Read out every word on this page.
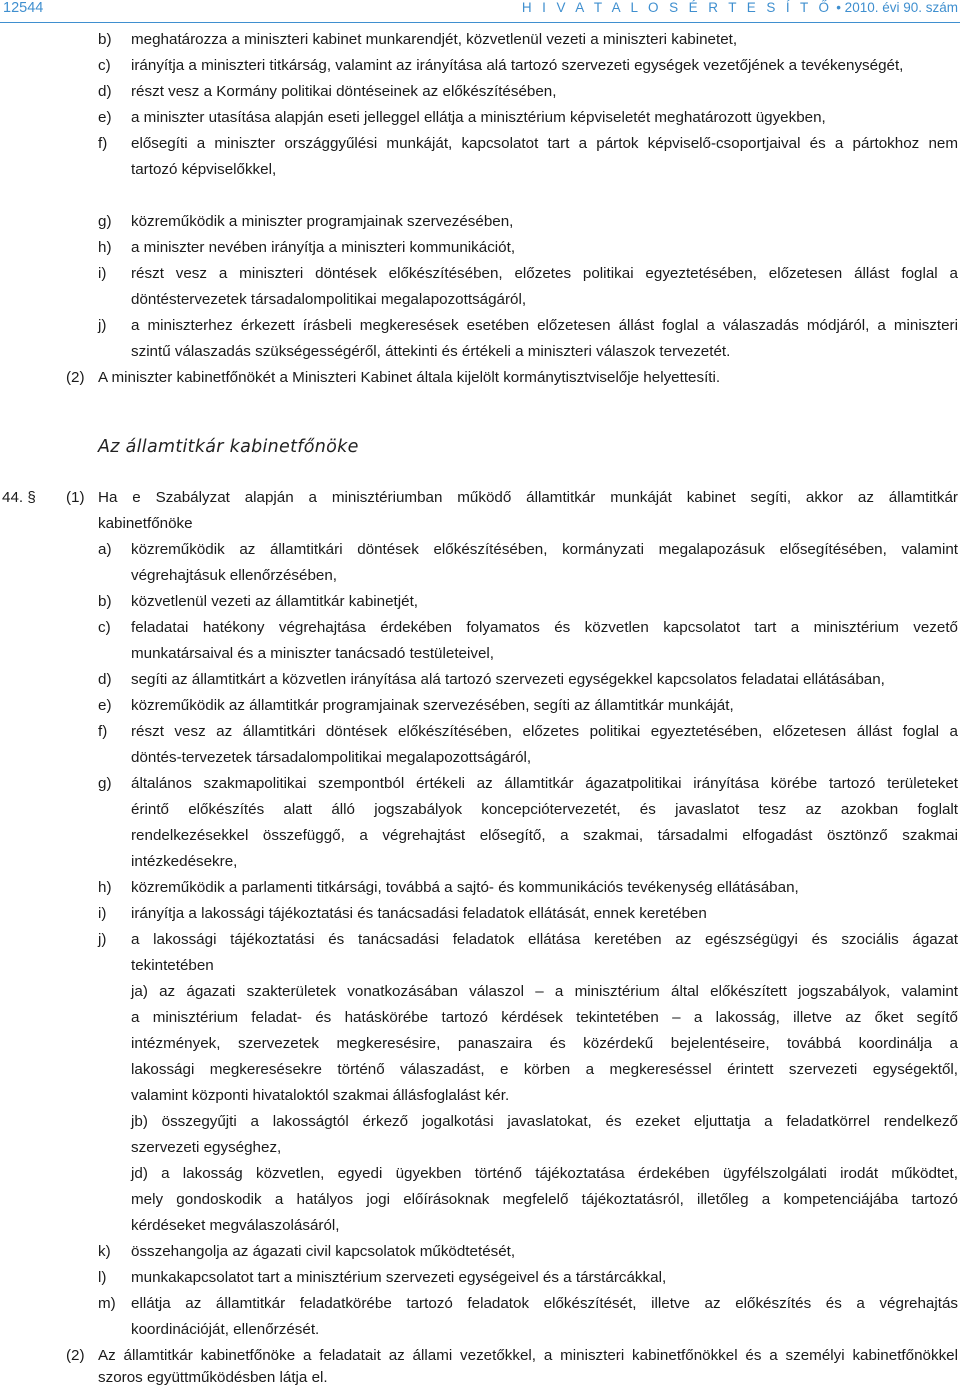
12544	H I V A T A L O S É R T E S Í T Ő • 2010. évi 90. szám
b) meghatározza a miniszteri kabinet munkarendjét, közvetlenül vezeti a miniszteri kabinetet,
c) irányítja a miniszteri titkárság, valamint az irányítása alá tartozó szervezeti egységek vezetőjének a tevékenységét,
d) részt vesz a Kormány politikai döntéseinek az előkészítésében,
e) a miniszter utasítása alapján eseti jelleggel ellátja a minisztérium képviseletét meghatározott ügyekben,
f) elősegíti a miniszter országgyűlési munkáját, kapcsolatot tart a pártok képviselő-csoportjaival és a pártokhoz nem
tartozó képviselőkkel,
g) közreműködik a miniszter programjainak szervezésében,
h) a miniszter nevében irányítja a miniszteri kommunikációt,
i) részt vesz a miniszteri döntések előkészítésében, előzetes politikai egyeztetésében, előzetesen állást foglal a
döntéstervezetek társadalompolitikai megalapozottságáról,
j) a miniszterhez érkezett írásbeli megkeresések esetében előzetesen állást foglal a válaszadás módjáról, a miniszteri
szintű válaszadás szükségességéről, áttekinti és értékeli a miniszteri válaszok tervezetét.
(2) A miniszter kabinetfőnökét a Miniszteri Kabinet általa kijelölt kormánytisztviselője helyettesíti.
44. § (1) Ha e Szabályzat alapján a minisztériumban működő államtitkár munkáját kabinet segíti, akkor az államtitkár
kabinetfőnöke
a) közreműködik az államtitkári döntések előkészítésében, kormányzati megalapozásuk elősegítésében, valamint
végrehajtásuk ellenőrzésében,
b) közvetlenül vezeti az államtitkár kabinetjét,
c) feladatai hatékony végrehajtása érdekében folyamatos és közvetlen kapcsolatot tart a minisztérium vezető
munkatársaival és a miniszter tanácsadó testületeivel,
d) segíti az államtitkárt a közvetlen irányítása alá tartozó szervezeti egységekkel kapcsolatos feladatai ellátásában,
e) közreműködik az államtitkár programjainak szervezésében, segíti az államtitkár munkáját,
f) részt vesz az államtitkári döntések előkészítésében, előzetes politikai egyeztetésében, előzetesen állást foglal a
döntés-tervezetek társadalompolitikai megalapozottságáról,
g) általános szakmapolitikai szempontból értékeli az államtitkár ágazatpolitikai irányítása körébe tartozó területeket
érintő előkészítés alatt álló jogszabályok koncepciótervezetét, és javaslatot tesz az azokban foglalt
rendelkezésekkel összefüggő, a végrehajtást elősegítő, a szakmai, társadalmi elfogadást ösztönző szakmai
intézkedésekre,
h) közreműködik a parlamenti titkársági, továbbá a sajtó- és kommunikációs tevékenység ellátásában,
i) irányítja a lakossági tájékoztatási és tanácsadási feladatok ellátását, ennek keretében
j) a lakossági tájékoztatási és tanácsadási feladatok ellátása keretében az egészségügyi és szociális ágazat
tekintetében
ja) az ágazati szakterületek vonatkozásában válaszol – a minisztérium által előkészített jogszabályok, valamint
a minisztérium feladat- és hatáskörébe tartozó kérdések tekintetében – a lakosság, illetve az őket segítő
intézmények, szervezetek megkeresésire, panaszaira és közérdekű bejelentéseire, továbbá koordinálja a
lakossági megkeresésekre történő válaszadást, e körben a megkereséssel érintett szervezeti egységektől,
valamint központi hivataloktól szakmai állásfoglalást kér.
jb) összegyűjti a lakosságtól érkező jogalkotási javaslatokat, és ezeket eljuttatja a feladatkörrel rendelkező
szervezeti egységhez,
jd) a lakosság közvetlen, egyedi ügyekben történő tájékoztatása érdekében ügyfélszolgálati irodát működtet,
mely gondoskodik a hatályos jogi előírásoknak megfelelő tájékoztatásról, illetőleg a kompetenciájába tartozó
kérdéseket megválaszolásáról,
k) összehangolja az ágazati civil kapcsolatok működtetését,
l) munkakapcsolatot tart a minisztérium szervezeti egységeivel és a társtárcákkal,
m) ellátja az államtitkár feladatkörébe tartozó feladatok előkészítését, illetve az előkészítés és a végrehajtás
koordinációját, ellenőrzését.
(2) Az államtitkár kabinetfőnöke a feladatait az állami vezetőkkel, a miniszteri kabinetfőnökkel és a személyi kabinetfőnökkel
szoros együttműködésben látja el.
Az államtitkár kabinetfőnöke
